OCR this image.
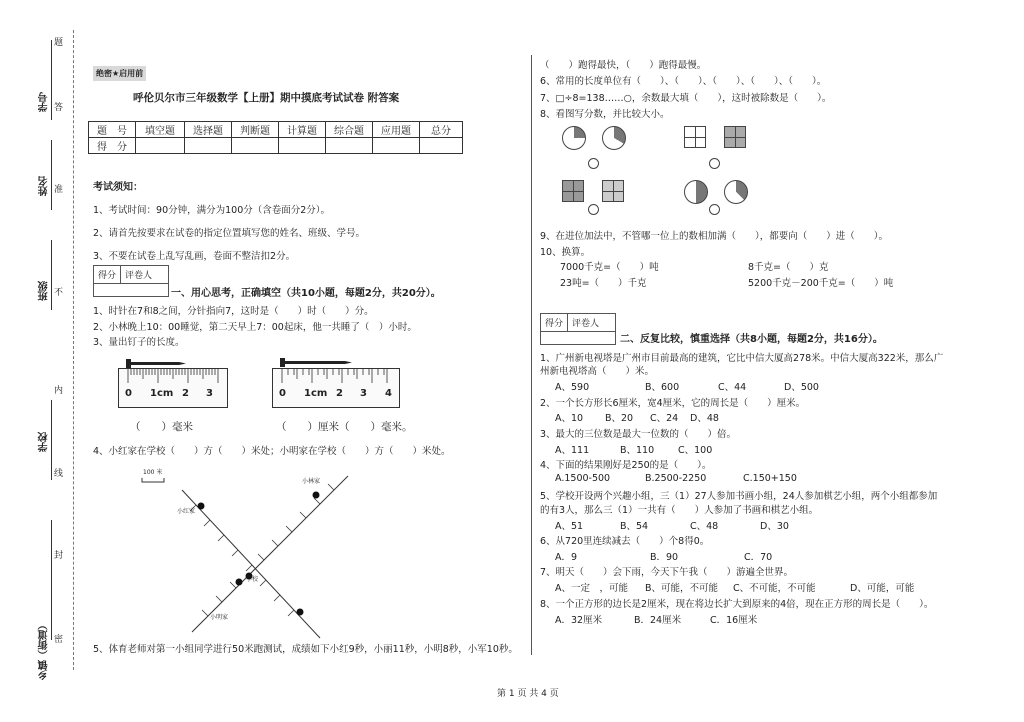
题
学号 答
姓名 准
班级 不
内
学校
线
封
乡镇（街道） 密
绝密★启用前
呼伦贝尔市三年级数学【上册】期中摸底考试试卷 附答案
题　号	填空题	选择题	判断题	计算题	综合题	应用题	总分
得　分							
考试须知：
1、考试时间：90分钟，满分为100分（含卷面分2分）。
2、请首先按要求在试卷的指定位置填写您的姓名、班级、学号。
3、不要在试卷上乱写乱画，卷面不整洁扣2分。
得分 评卷人
一、用心思考，正确填空（共10小题，每题2分，共20分）。
1、时针在7和8之间，分针指向7，这时是（　　）时（　　）分。
2、小林晚上10：00睡觉，第二天早上7：00起床，他一共睡了（　）小时。
3、量出钉子的长度。
0 1cm 2 3	0 1cm 2 3 4
（　　）毫米	（　　）厘米（　　）毫米。
4、小红家在学校（　　）方（　　）米处；小明家在学校（　　）方（　　）米处。
100 米
小红家
小林家
学校
小明家
5、体育老师对第一小组同学进行50米跑测试，成绩如下小红9秒，小丽11秒，小明8秒，小军10秒。
（　　）跑得最快，（　　）跑得最慢。
6、常用的长度单位有（　　）、（　　）、（　　）、（　　）、（　　）。
7、□÷8=138……○，余数最大填（　　），这时被除数是（　　）。
8、看图写分数，并比较大小。
9、在进位加法中，不管哪一位上的数相加满（　　），都要向（　　）进（　　）。
10、换算。
7000千克=（　　）吨	8千克=（　　）克
23吨=（　　）千克	5200千克－200千克=（　　）吨
得分 评卷人
二、反复比较，慎重选择（共8小题，每题2分，共16分）。
1、广州新电视塔是广州市目前最高的建筑，它比中信大厦高278米。中信大厦高322米，那么广
州新电视塔高（　　）米。
A、590	B、600	C、44	D、500
2、一个长方形长6厘米，宽4厘米，它的周长是（　　）厘米。
A、10 B、20 C、24 D、48
3、最大的三位数是最大一位数的（　　）倍。
A、111	B、110	C、100
4、下面的结果刚好是250的是（　　）。
A.1500-500	B.2500-2250	C.150+150
5、学校开设两个兴趣小组，三（1）27人参加书画小组，24人参加棋艺小组，两个小组都参加
的有3人，那么三（1）一共有（　　）人参加了书画和棋艺小组。
A、51	B、54	C、48	D、30
6、从720里连续减去（　　）个8得0。
A．9	B．90	C．70
7、明天（　　）会下雨，今天下午我（　　）游遍全世界。
A、一定　，可能 B、可能，不可能 C、不可能，不可能	D、可能，可能
8、一个正方形的边长是2厘米，现在将边长扩大到原来的4倍，现在正方形的周长是（　　）。
A．32厘米	B．24厘米	C．16厘米
第 1 页 共 4 页
